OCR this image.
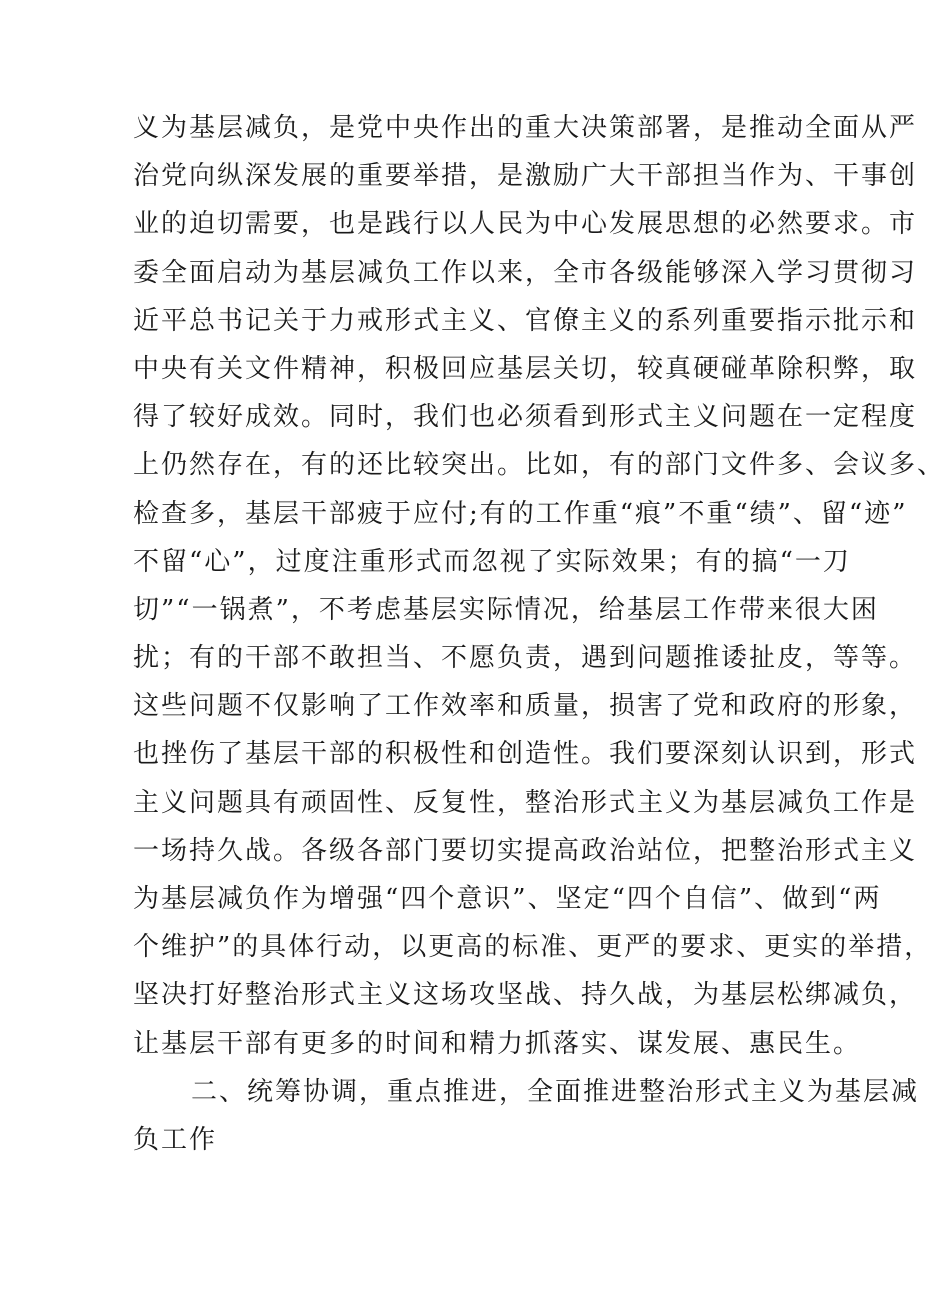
义为基层减负，是党中央作出的重大决策部署，是推动全面从严
治党向纵深发展的重要举措，是激励广大干部担当作为、干事创
业的迫切需要，也是践行以人民为中心发展思想的必然要求。市
委全面启动为基层减负工作以来，全市各级能够深入学习贯彻习
近平总书记关于力戒形式主义、官僚主义的系列重要指示批示和
中央有关文件精神，积极回应基层关切，较真硬碰革除积弊，取
得了较好成效。同时，我们也必须看到形式主义问题在一定程度
上仍然存在，有的还比较突出。比如，有的部门文件多、会议多、
检查多，基层干部疲于应付;有的工作重“痕”不重“绩”、留“迹”
不留“心”，过度注重形式而忽视了实际效果；有的搞“一刀
切”“一锅煮”，不考虑基层实际情况，给基层工作带来很大困
扰；有的干部不敢担当、不愿负责，遇到问题推诿扯皮，等等。
这些问题不仅影响了工作效率和质量，损害了党和政府的形象，
也挫伤了基层干部的积极性和创造性。我们要深刻认识到，形式
主义问题具有顽固性、反复性，整治形式主义为基层减负工作是
一场持久战。各级各部门要切实提高政治站位，把整治形式主义
为基层减负作为增强“四个意识”、坚定“四个自信”、做到“两
个维护”的具体行动，以更高的标准、更严的要求、更实的举措，
坚决打好整治形式主义这场攻坚战、持久战，为基层松绑减负，
让基层干部有更多的时间和精力抓落实、谋发展、惠民生。
二、统筹协调，重点推进，全面推进整治形式主义为基层减
负工作
